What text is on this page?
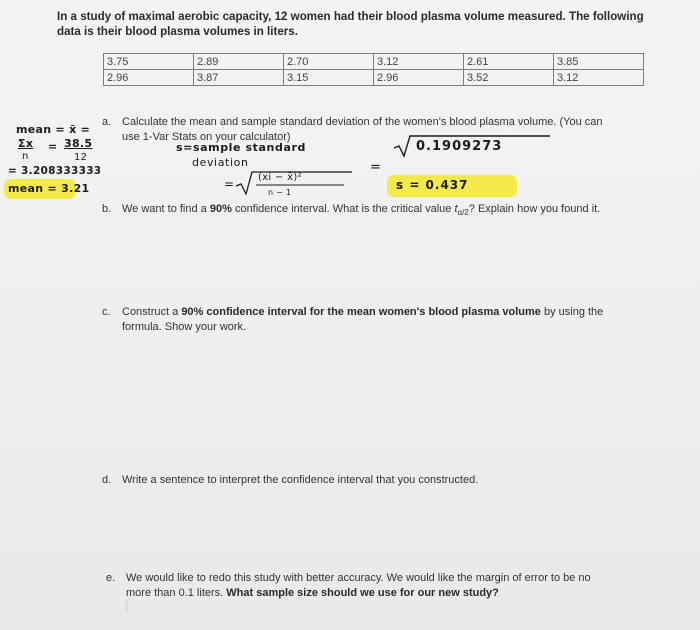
In a study of maximal aerobic capacity, 12 women had their blood plasma volume measured. The following data is their blood plasma volumes in liters.
3.75	2.89	2.70	3.12	2.61	3.85
2.96	3.87	3.15	2.96	3.52	3.12
a. Calculate the mean and sample standard deviation of the women's blood plasma volume. (You can
use 1-Var Stats on your calculator)
mean = x̄ =
Σx
n
= 38.5
12
= 3.208333333
mean = 3.21
s=sample standard
deviation
0.1909273
=
= (xi − x̄)²
n − 1
s = 0.437
b. We want to find a 90% confidence interval. What is the critical value $t_{\alpha/2}$? Explain how you found it.
c. Construct a 90% confidence interval for the mean women's blood plasma volume by using the
formula. Show your work.
d. Write a sentence to interpret the confidence interval that you constructed.
e. We would like to redo this study with better accuracy. We would like the margin of error to be no
more than 0.1 liters. What sample size should we use for our new study?
(
